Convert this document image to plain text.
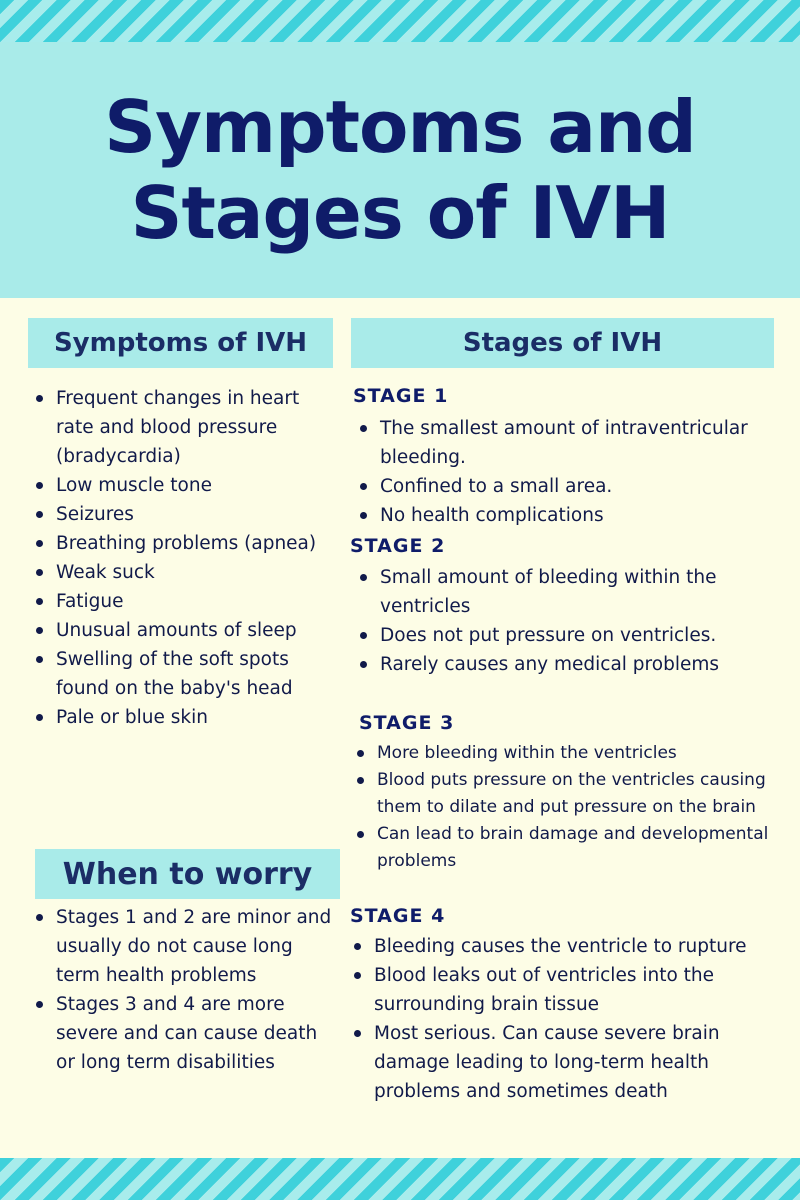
Symptoms and
Stages of IVH
Symptoms of IVH	Stages of IVH
Frequent changes in heart rate and blood pressure (bradycardia)
Low muscle tone
Seizures
Breathing problems (apnea)
Weak suck
Fatigue
Unusual amounts of sleep
Swelling of the soft spots found on the baby's head
Pale or blue skin
When to worry
Stages 1 and 2 are minor and usually do not cause long term health problems
Stages 3 and 4 are more severe and can cause death or long term disabilities
STAGE 1
The smallest amount of intraventricular bleeding.
Confined to a small area.
No health complications
STAGE 2
Small amount of bleeding within the ventricles
Does not put pressure on ventricles.
Rarely causes any medical problems
STAGE 3
More bleeding within the ventricles
Blood puts pressure on the ventricles causing them to dilate and put pressure on the brain
Can lead to brain damage and developmental problems
STAGE 4
Bleeding causes the ventricle to rupture
Blood leaks out of ventricles into the surrounding brain tissue
Most serious. Can cause severe brain damage leading to long-term health problems and sometimes death
